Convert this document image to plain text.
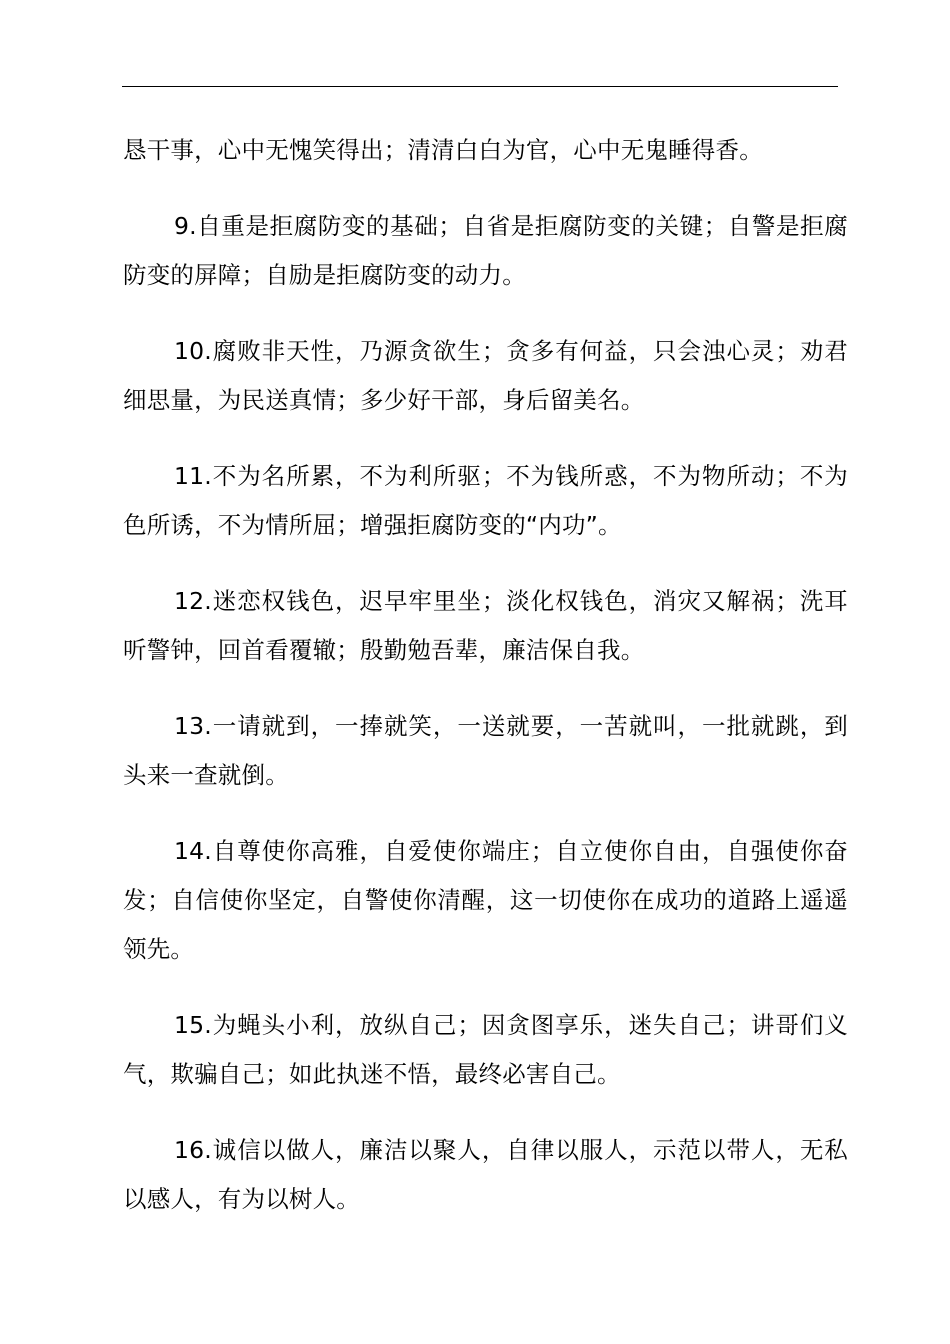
恳干事，心中无愧笑得出；清清白白为官，心中无鬼睡得香。

9.自重是拒腐防变的基础；自省是拒腐防变的关键；自警是拒腐防变的屏障；自励是拒腐防变的动力。

10.腐败非天性，乃源贪欲生；贪多有何益，只会浊心灵；劝君细思量，为民送真情；多少好干部，身后留美名。

11.不为名所累，不为利所驱；不为钱所惑，不为物所动；不为色所诱，不为情所屈；增强拒腐防变的“内功”。

12.迷恋权钱色，迟早牢里坐；淡化权钱色，消灾又解祸；洗耳听警钟，回首看覆辙；殷勤勉吾辈，廉洁保自我。

13.一请就到，一捧就笑，一送就要，一苦就叫，一批就跳，到头来一查就倒。

14.自尊使你高雅，自爱使你端庄；自立使你自由，自强使你奋发；自信使你坚定，自警使你清醒，这一切使你在成功的道路上遥遥领先。

15.为蝇头小利，放纵自己；因贪图享乐，迷失自己；讲哥们义气，欺骗自己；如此执迷不悟，最终必害自己。

16.诚信以做人，廉洁以聚人，自律以服人，示范以带人，无私以感人，有为以树人。
